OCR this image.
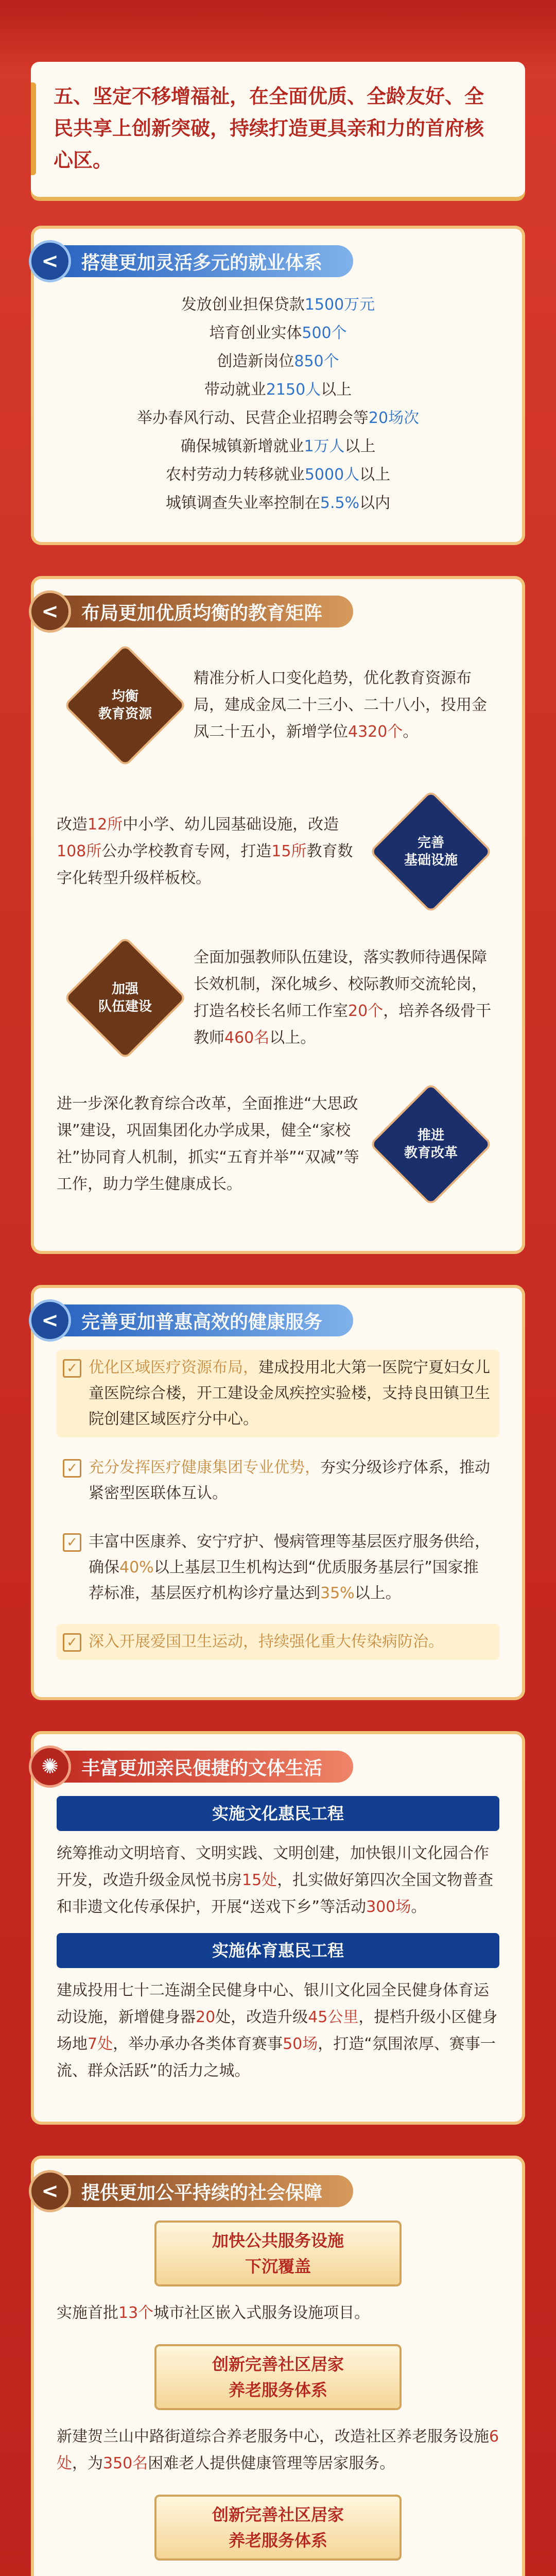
五、坚定不移增福祉，在全面优质、全龄友好、全民共享上创新突破，持续打造更具亲和力的首府核心区。

<	搭建更加灵活多元的就业体系
发放创业担保贷款1500万元
培育创业实体500个
创造新岗位850个
带动就业2150人以上
举办春风行动、民营企业招聘会等20场次
确保城镇新增就业1万人以上
农村劳动力转移就业5000人以上
城镇调查失业率控制在5.5%以内
<	布局更加优质均衡的教育矩阵
均衡
教育资源
精准分析人口变化趋势，优化教育资源布局，建成金凤二十三小、二十八小，投用金凤二十五小，新增学位4320个。
完善
基础设施
改造12所中小学、幼儿园基础设施，改造108所公办学校教育专网，打造15所教育数字化转型升级样板校。
加强
队伍建设
全面加强教师队伍建设，落实教师待遇保障长效机制，深化城乡、校际教师交流轮岗，打造名校长名师工作室20个，培养各级骨干教师460名以上。
推进
教育改革
进一步深化教育综合改革，全面推进“大思政课”建设，巩固集团化办学成果，健全“家校社”协同育人机制，抓实“五育并举”“双减”等工作，助力学生健康成长。
<	完善更加普惠高效的健康服务
✓ 优化区域医疗资源布局，建成投用北大第一医院宁夏妇女儿童医院综合楼，开工建设金凤疾控实验楼，支持良田镇卫生院创建区域医疗分中心。
✓ 充分发挥医疗健康集团专业优势，夯实分级诊疗体系，推动紧密型医联体互认。
✓ 丰富中医康养、安宁疗护、慢病管理等基层医疗服务供给，确保40%以上基层卫生机构达到“优质服务基层行”国家推荐标准，基层医疗机构诊疗量达到35%以上。
✓ 深入开展爱国卫生运动，持续强化重大传染病防治。
✺	丰富更加亲民便捷的文体生活
实施文化惠民工程
统筹推动文明培育、文明实践、文明创建，加快银川文化园合作开发，改造升级金凤悦书房15处，扎实做好第四次全国文物普查和非遗文化传承保护，开展“送戏下乡”等活动300场。
实施体育惠民工程
建成投用七十二连湖全民健身中心、银川文化园全民健身体育运动设施，新增健身器20处，改造升级45公里，提档升级小区健身场地7处，举办承办各类体育赛事50场，打造“氛围浓厚、赛事一流、群众活跃”的活力之城。
<	提供更加公平持续的社会保障
加快公共服务设施
下沉覆盖
实施首批13个城市社区嵌入式服务设施项目。
创新完善社区居家
养老服务体系
新建贺兰山中路街道综合养老服务中心，改造社区养老服务设施6处，为350名困难老人提供健康管理等居家服务。
创新完善社区居家
养老服务体系
